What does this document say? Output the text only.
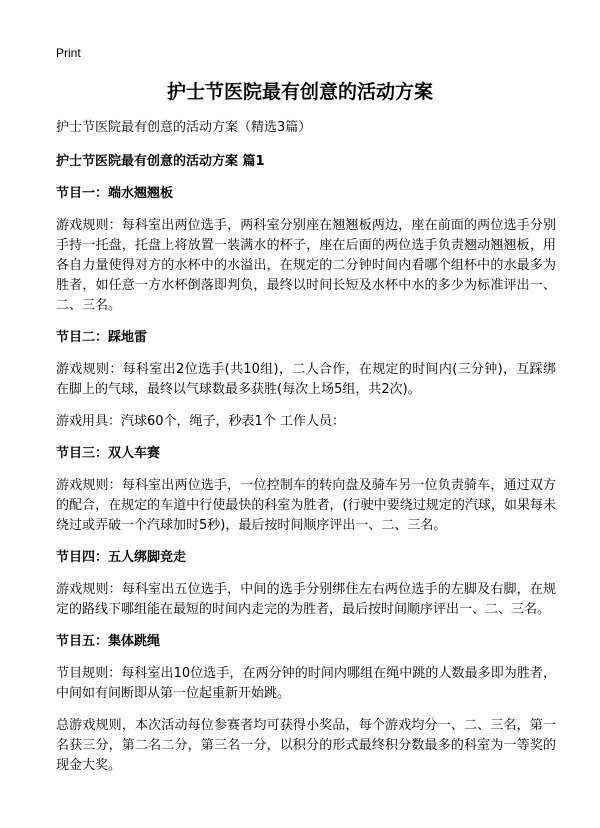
Print
护士节医院最有创意的活动方案

护士节医院最有创意的活动方案（精选3篇）

护士节医院最有创意的活动方案 篇1

节目一：端水翘翘板

游戏规则：每科室出两位选手，两科室分别座在翘翘板两边，座在前面的两位选手分别手持一托盘，托盘上将放置一装满水的杯子，座在后面的两位选手负责翘动翘翘板，用各自力量使得对方的水杯中的水溢出，在规定的二分钟时间内看哪个组杯中的水最多为胜者，如任意一方水杯倒落即判负，最终以时间长短及水杯中水的多少为标准评出一、二、三名。

节目二：踩地雷

游戏规则：每科室出2位选手(共10组)，二人合作，在规定的时间内(三分钟)，互踩绑在脚上的气球，最终以气球数最多获胜(每次上场5组，共2次)。

游戏用具：汽球60个，绳子，秒表1个 工作人员：

节目三：双人车赛

游戏规则：每科室出两位选手，一位控制车的转向盘及骑车另一位负责骑车，通过双方的配合，在规定的车道中行使最快的科室为胜者，(行驶中要绕过规定的汽球，如果每未绕过或弄破一个汽球加时5秒)，最后按时间顺序评出一、二、三名。

节目四：五人绑脚竞走

游戏规则：每科室出五位选手，中间的选手分别绑住左右两位选手的左脚及右脚，在规定的路线下哪组能在最短的时间内走完的为胜者，最后按时间顺序评出一、二、三名。

节目五：集体跳绳

节目规则：每科室出10位选手，在两分钟的时间内哪组在绳中跳的人数最多即为胜者，中间如有间断即从第一位起重新开始跳。

总游戏规则，本次活动每位参赛者均可获得小奖品，每个游戏均分一、二、三名，第一名获三分，第二名二分，第三名一分，以积分的形式最终积分数最多的科室为一等奖的现金大奖。
